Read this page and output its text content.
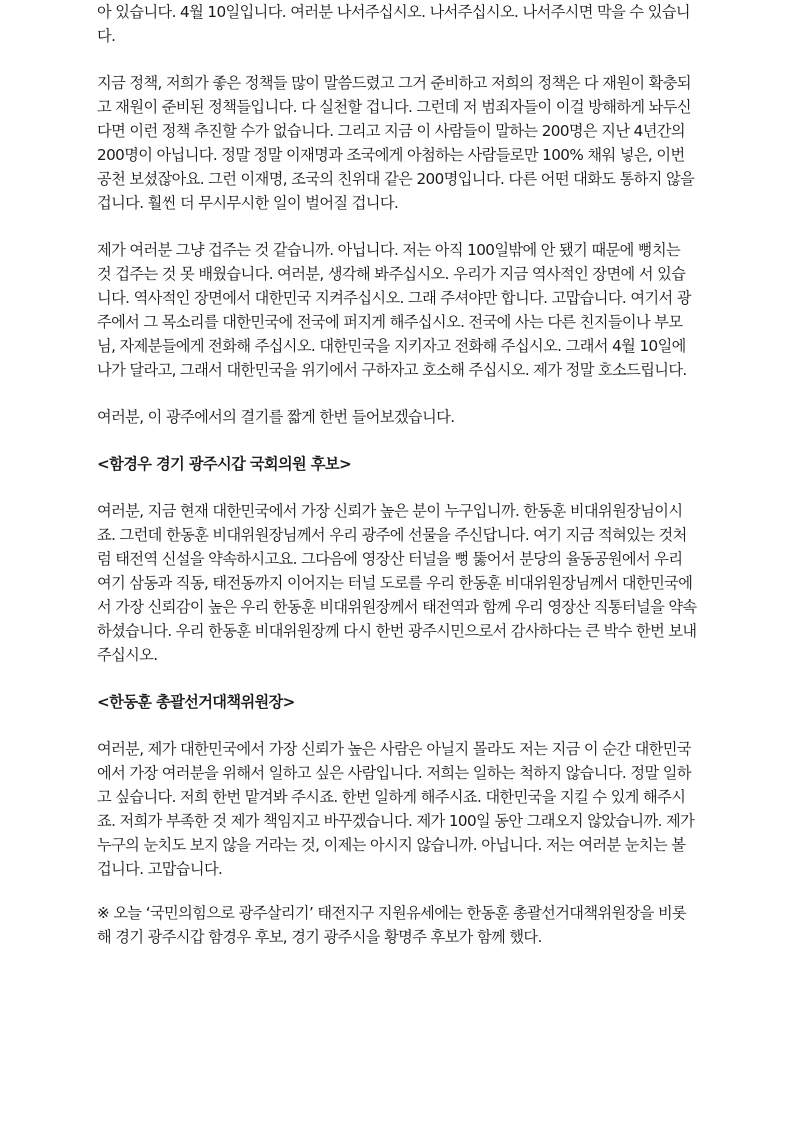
아 있습니다. 4월 10일입니다. 여러분 나서주십시오. 나서주십시오. 나서주시면 막을 수 있습니다.

지금 정책, 저희가 좋은 정책들 많이 말씀드렸고 그거 준비하고 저희의 정책은 다 재원이 확충되고 재원이 준비된 정책들입니다. 다 실천할 겁니다. 그런데 저 범죄자들이 이걸 방해하게 놔두신다면 이런 정책 추진할 수가 없습니다. 그리고 지금 이 사람들이 말하는 200명은 지난 4년간의 200명이 아닙니다. 정말 정말 이재명과 조국에게 아첨하는 사람들로만 100% 채워 넣은, 이번 공천 보셨잖아요. 그런 이재명, 조국의 친위대 같은 200명입니다. 다른 어떤 대화도 통하지 않을 겁니다. 훨씬 더 무시무시한 일이 벌어질 겁니다.

제가 여러분 그냥 겁주는 것 같습니까. 아닙니다. 저는 아직 100일밖에 안 됐기 때문에 뻥치는 것 겁주는 것 못 배웠습니다. 여러분, 생각해 봐주십시오. 우리가 지금 역사적인 장면에 서 있습니다. 역사적인 장면에서 대한민국 지켜주십시오. 그래 주셔야만 합니다. 고맙습니다. 여기서 광주에서 그 목소리를 대한민국에 전국에 퍼지게 해주십시오. 전국에 사는 다른 친지들이나 부모님, 자제분들에게 전화해 주십시오. 대한민국을 지키자고 전화해 주십시오. 그래서 4월 10일에 나가 달라고, 그래서 대한민국을 위기에서 구하자고 호소해 주십시오. 제가 정말 호소드립니다.

여러분, 이 광주에서의 결기를 짧게 한번 들어보겠습니다.

<함경우 경기 광주시갑 국회의원 후보>

여러분, 지금 현재 대한민국에서 가장 신뢰가 높은 분이 누구입니까. 한동훈 비대위원장님이시죠. 그런데 한동훈 비대위원장님께서 우리 광주에 선물을 주신답니다. 여기 지금 적혀있는 것처럼 태전역 신설을 약속하시고요. 그다음에 영장산 터널을 뻥 뚫어서 분당의 율동공원에서 우리 여기 삼동과 직동, 태전동까지 이어지는 터널 도로를 우리 한동훈 비대위원장님께서 대한민국에서 가장 신뢰감이 높은 우리 한동훈 비대위원장께서 태전역과 함께 우리 영장산 직통터널을 약속하셨습니다. 우리 한동훈 비대위원장께 다시 한번 광주시민으로서 감사하다는 큰 박수 한번 보내주십시오.

<한동훈 총괄선거대책위원장>

여러분, 제가 대한민국에서 가장 신뢰가 높은 사람은 아닐지 몰라도 저는 지금 이 순간 대한민국에서 가장 여러분을 위해서 일하고 싶은 사람입니다. 저희는 일하는 척하지 않습니다. 정말 일하고 싶습니다. 저희 한번 맡겨봐 주시죠. 한번 일하게 해주시죠. 대한민국을 지킬 수 있게 해주시죠. 저희가 부족한 것 제가 책임지고 바꾸겠습니다. 제가 100일 동안 그래오지 않았습니까. 제가 누구의 눈치도 보지 않을 거라는 것, 이제는 아시지 않습니까. 아닙니다. 저는 여러분 눈치는 볼 겁니다. 고맙습니다.

※ 오늘 ‘국민의힘으로 광주살리기’ 태전지구 지원유세에는 한동훈 총괄선거대책위원장을 비롯해 경기 광주시갑 함경우 후보, 경기 광주시을 황명주 후보가 함께 했다.
